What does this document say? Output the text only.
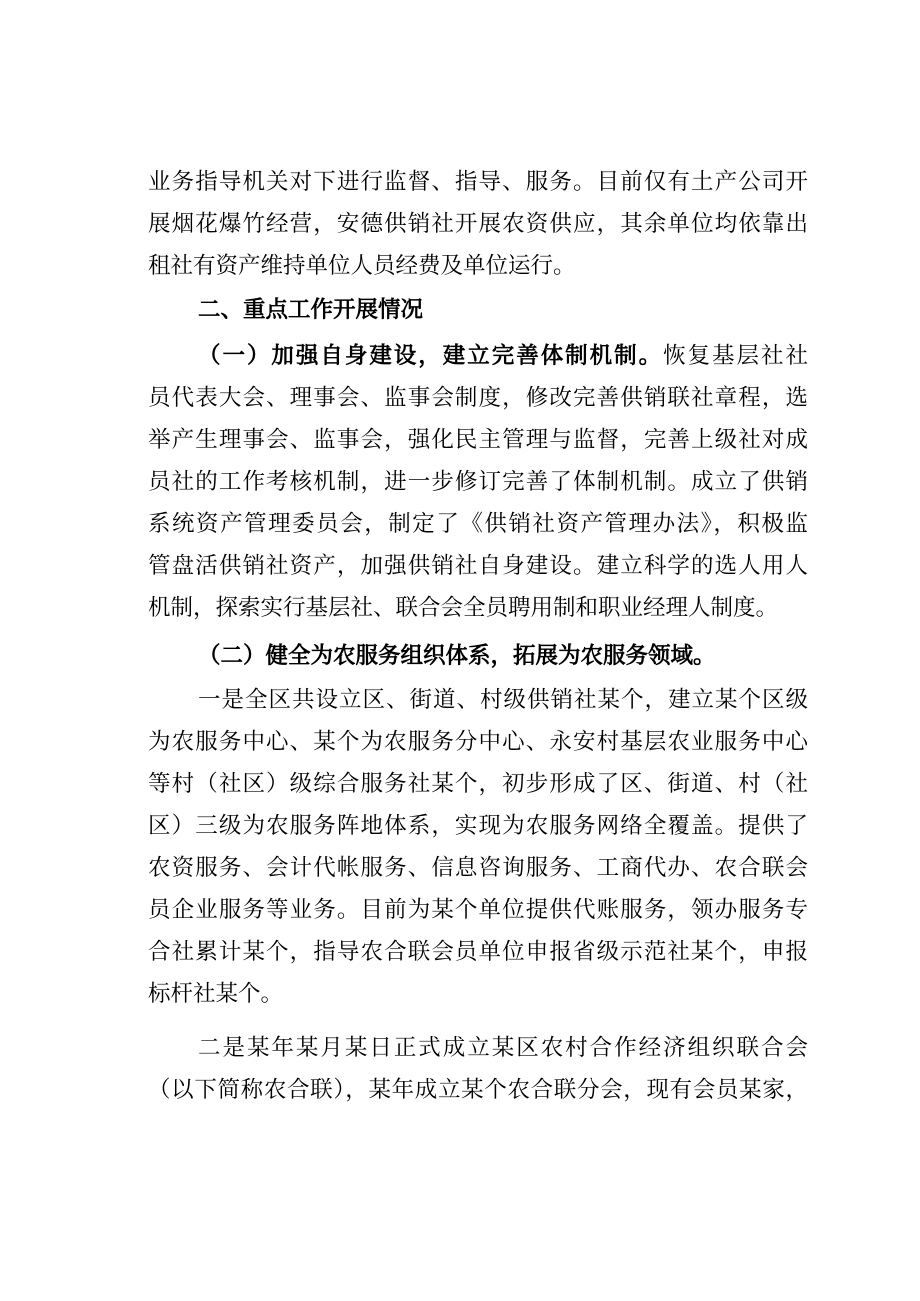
业务指导机关对下进行监督、指导、服务。目前仅有土产公司开
展烟花爆竹经营，安德供销社开展农资供应，其余单位均依靠出
租社有资产维持单位人员经费及单位运行。
二、重点工作开展情况
（一）加强自身建设，建立完善体制机制。恢复基层社社
员代表大会、理事会、监事会制度，修改完善供销联社章程，选
举产生理事会、监事会，强化民主管理与监督，完善上级社对成
员社的工作考核机制，进一步修订完善了体制机制。成立了供销
系统资产管理委员会，制定了《供销社资产管理办法》，积极监
管盘活供销社资产，加强供销社自身建设。建立科学的选人用人
机制，探索实行基层社、联合会全员聘用制和职业经理人制度。
（二）健全为农服务组织体系，拓展为农服务领域。
一是全区共设立区、街道、村级供销社某个，建立某个区级
为农服务中心、某个为农服务分中心、永安村基层农业服务中心
等村（社区）级综合服务社某个，初步形成了区、街道、村（社
区）三级为农服务阵地体系，实现为农服务网络全覆盖。提供了
农资服务、会计代帐服务、信息咨询服务、工商代办、农合联会
员企业服务等业务。目前为某个单位提供代账服务，领办服务专
合社累计某个，指导农合联会员单位申报省级示范社某个，申报
标杆社某个。
二是某年某月某日正式成立某区农村合作经济组织联合会
（以下简称农合联），某年成立某个农合联分会，现有会员某家，
